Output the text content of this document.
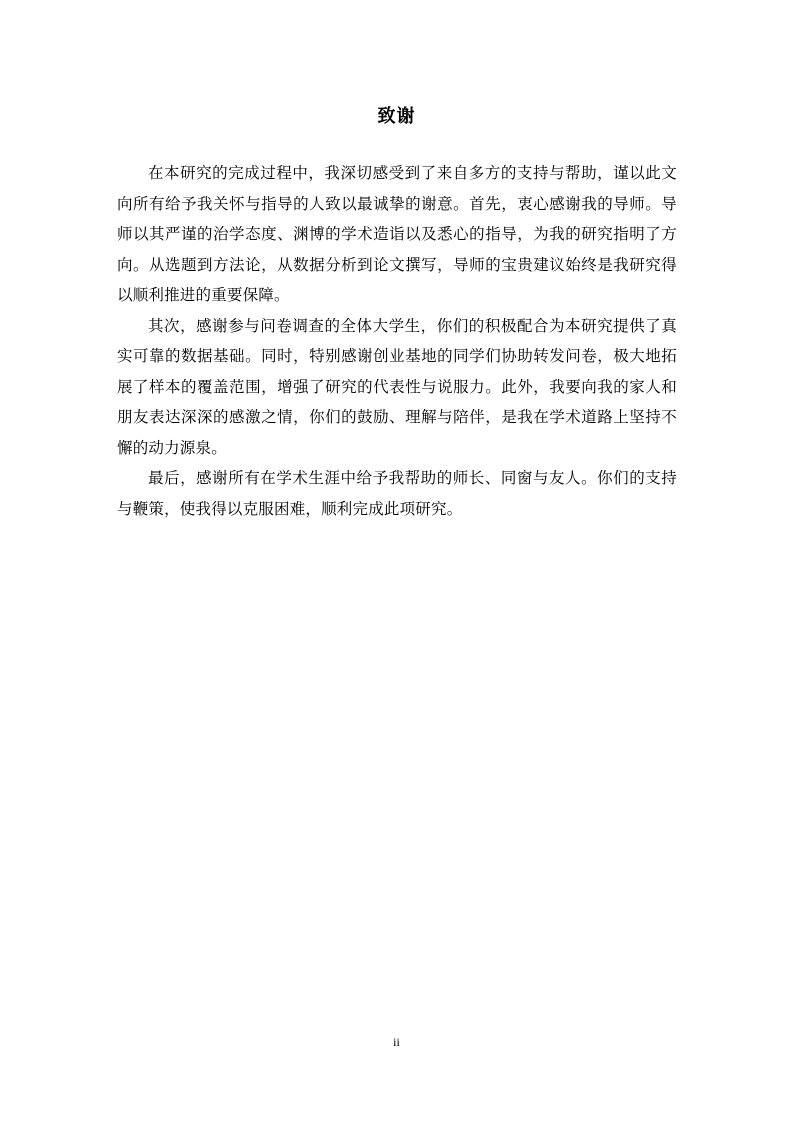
致谢

在本研究的完成过程中，我深切感受到了来自多方的支持与帮助，谨以此文向所有给予我关怀与指导的人致以最诚挚的谢意。首先，衷心感谢我的导师。导师以其严谨的治学态度、渊博的学术造诣以及悉心的指导，为我的研究指明了方向。从选题到方法论，从数据分析到论文撰写，导师的宝贵建议始终是我研究得以顺利推进的重要保障。

其次，感谢参与问卷调查的全体大学生，你们的积极配合为本研究提供了真实可靠的数据基础。同时，特别感谢创业基地的同学们协助转发问卷，极大地拓展了样本的覆盖范围，增强了研究的代表性与说服力。此外，我要向我的家人和朋友表达深深的感激之情，你们的鼓励、理解与陪伴，是我在学术道路上坚持不懈的动力源泉。

最后，感谢所有在学术生涯中给予我帮助的师长、同窗与友人。你们的支持与鞭策，使我得以克服困难，顺利完成此项研究。

ii
